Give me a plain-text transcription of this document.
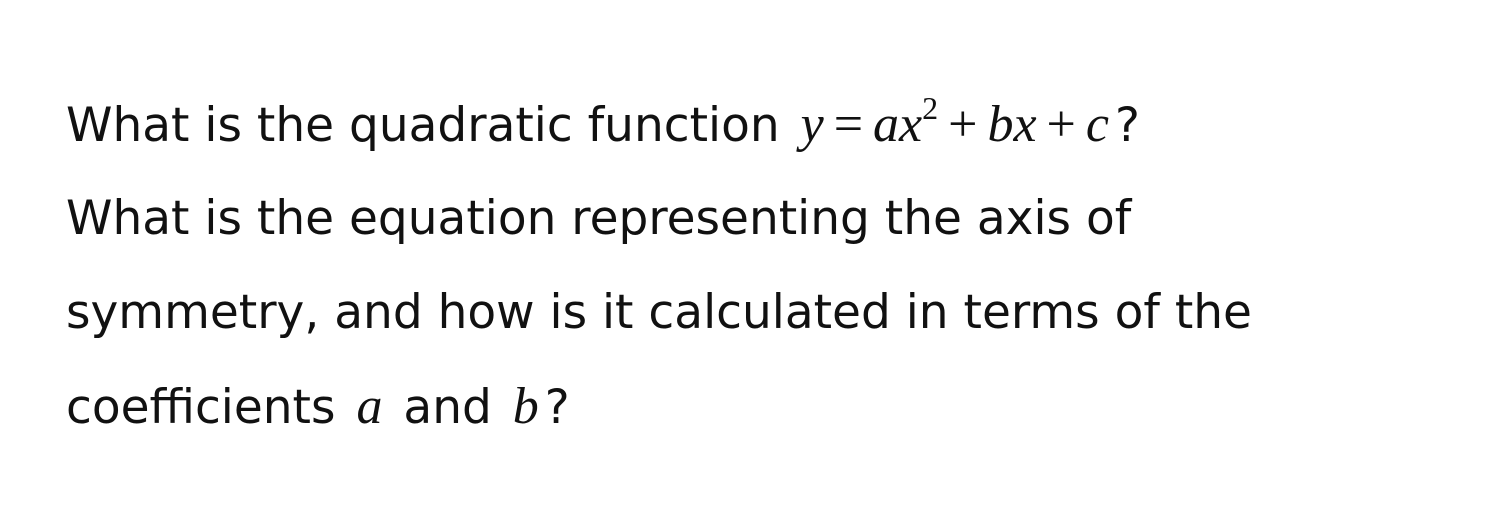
What is the quadratic function $y = ax^2$ + bx + c ?
What is the equation representing the axis of
symmetry, and how is it calculated in terms of the
coefficients a and b ?
